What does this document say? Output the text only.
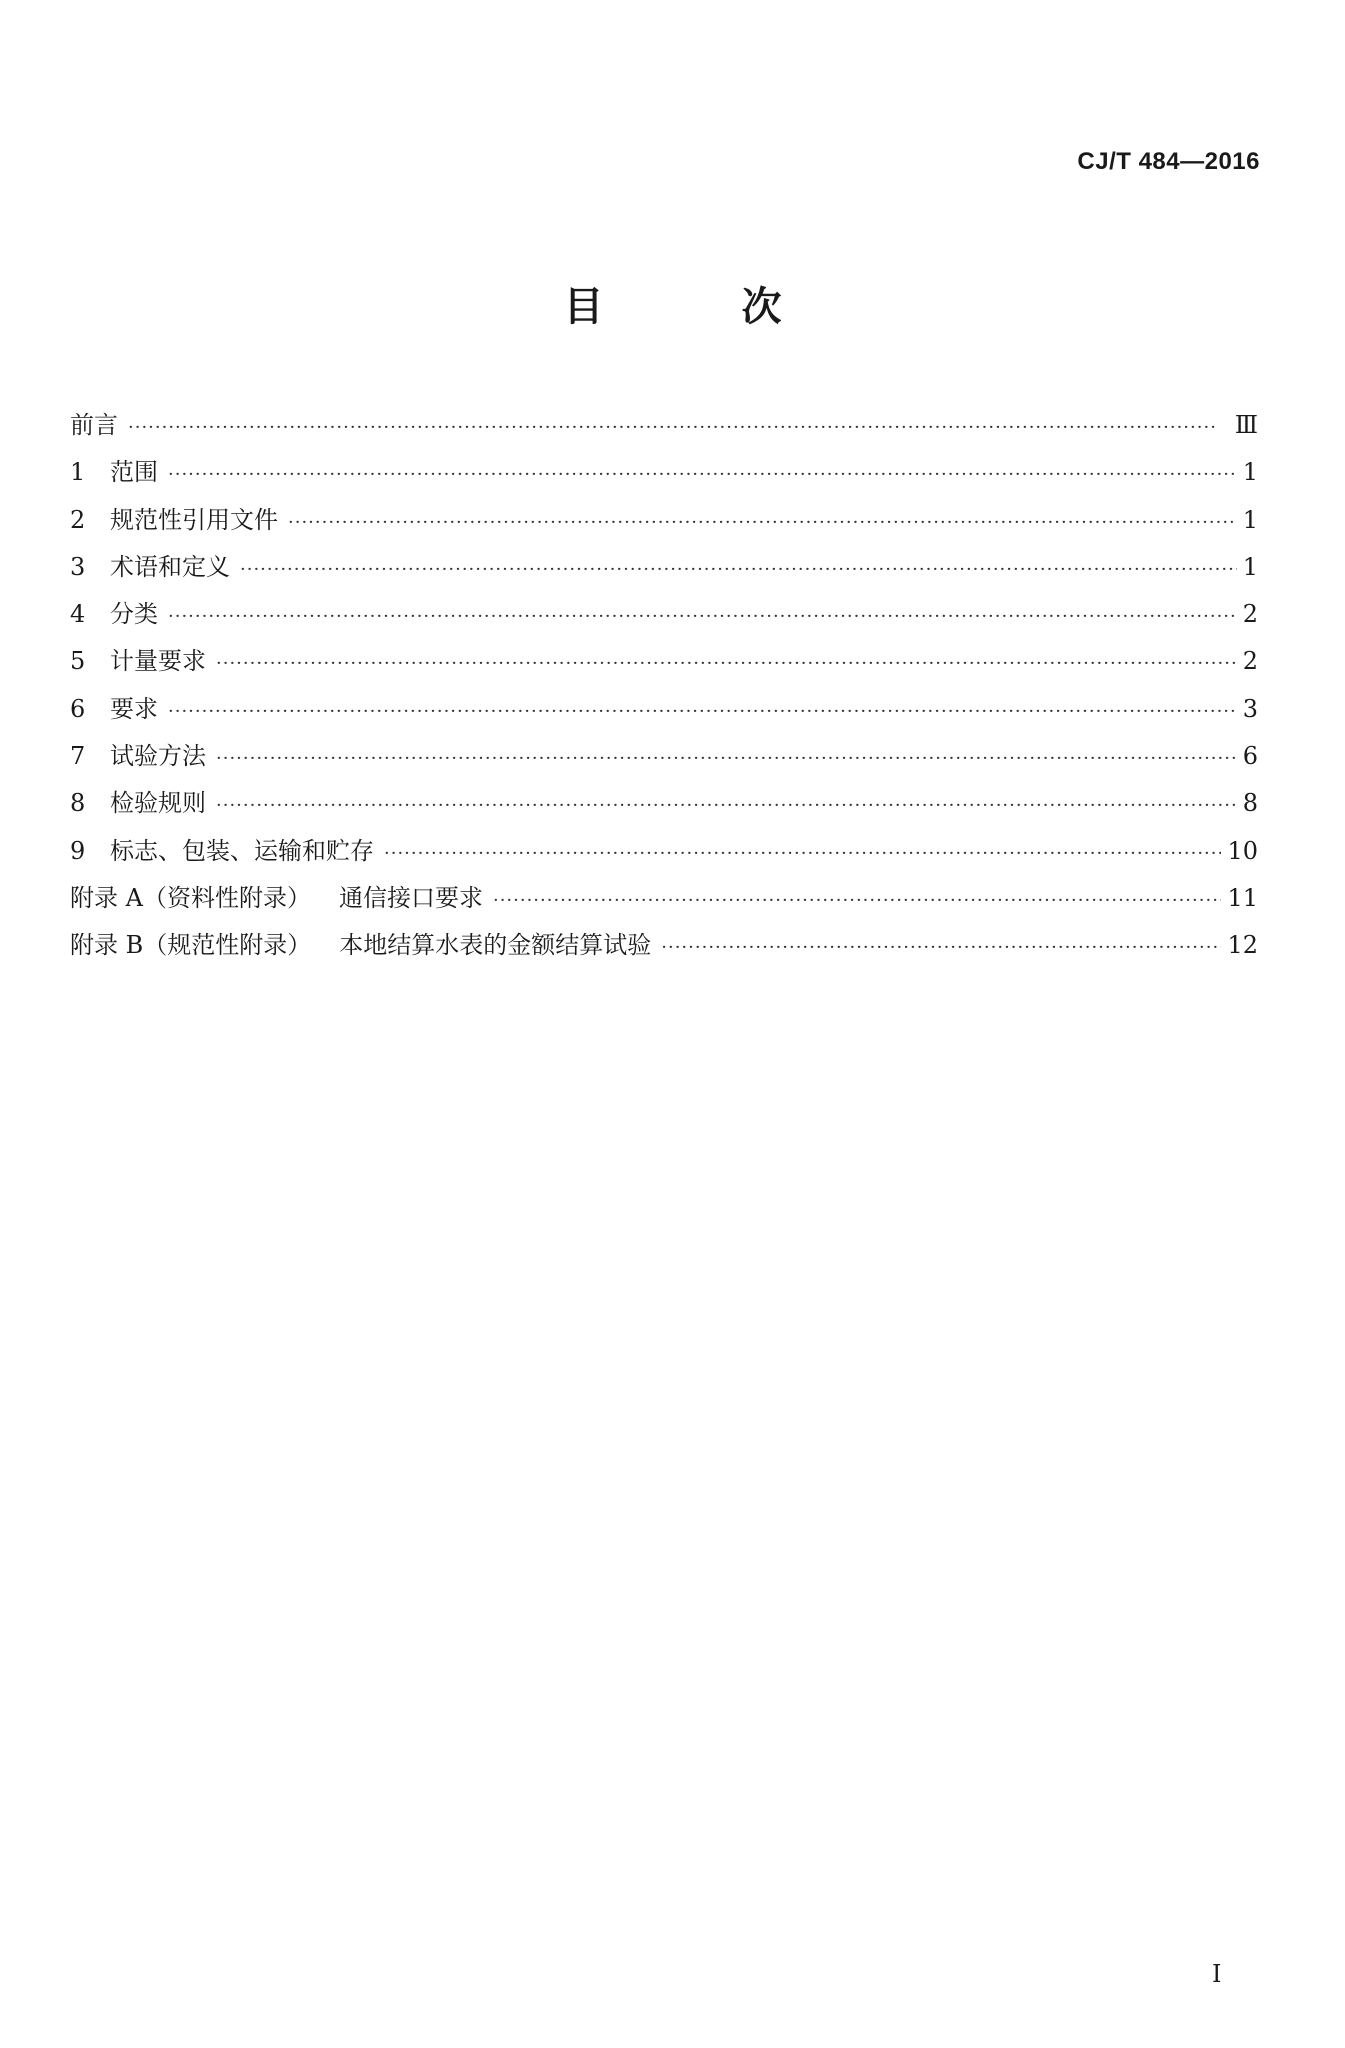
CJ/T 484—2016
目 次
前言 ·····	Ⅲ
1	范围 ·····	1
2	规范性引用文件 ·····	1
3	术语和定义 ·····	1
4	分类 ·····	2
5	计量要求 ·····	2
6	要求 ·····	3
7	试验方法 ·····	6
8	检验规则 ·····	8
9	标志、包装、运输和贮存 ·····	10
附录 A（资料性附录） 通信接口要求 ·····	11
附录 B（规范性附录） 本地结算水表的金额结算试验 ·····	12
I
